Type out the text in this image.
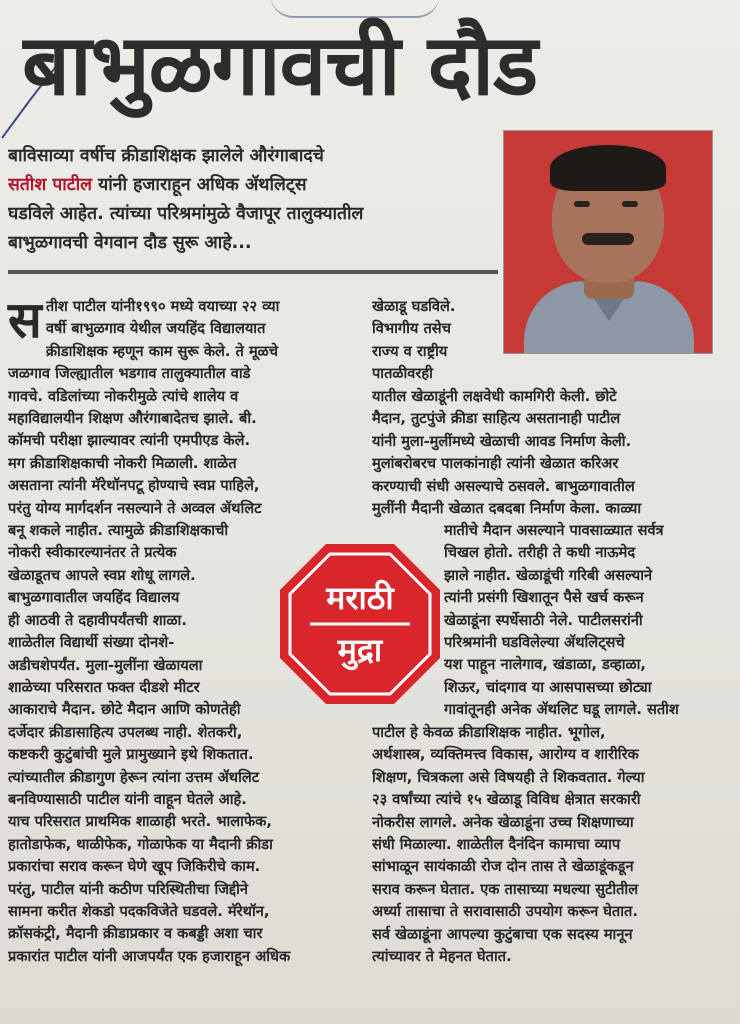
बाभुळगावची दौड
बाविसाव्या वर्षीच क्रीडाशिक्षक झालेले औरंगाबादचे
सतीश पाटील यांनी हजाराहून अधिक ॲथलिट्स
घडविले आहेत. त्यांच्या परिश्रमांमुळे वैजापूर तालुक्यातील
बाभुळगावची वेगवान दौड सुरू आहे...
स तीश पाटील यांनी१९९० मध्ये वयाच्या २२ व्या
वर्षी बाभुळगाव येथील जयहिंद विद्यालयात
क्रीडाशिक्षक म्हणून काम सुरू केले. ते मूळचे
जळगाव जिल्ह्यातील भडगाव तालुक्यातील वाडे
गावचे. वडिलांच्या नोकरीमुळे त्यांचे शालेय व
महाविद्यालयीन शिक्षण औरंगाबादेतच झाले. बी.
कॉमची परीक्षा झाल्यावर त्यांनी एमपीएड केले.
मग क्रीडाशिक्षकाची नोकरी मिळाली. शाळेत
असताना त्यांनी मॅरेथॉनपटू होण्याचे स्वप्न पाहिले,
परंतु योग्य मार्गदर्शन नसल्याने ते अव्वल ॲथलिट
बनू शकले नाहीत. त्यामुळे क्रीडाशिक्षकाची
नोकरी स्वीकारल्यानंतर ते प्रत्येक
खेळाडूतच आपले स्वप्न शोधू लागले.
बाभुळगावातील जयहिंद विद्यालय
ही आठवी ते दहावीपर्यंतची शाळा.
शाळेतील विद्यार्थी संख्या दोनशे-
अडीचशेपर्यंत. मुला-मुलींना खेळायला
शाळेच्या परिसरात फक्त दीडशे मीटर
आकाराचे मैदान. छोटे मैदान आणि कोणतेही
दर्जेदार क्रीडासाहित्य उपलब्ध नाही. शेतकरी,
कष्टकरी कुटुंबांची मुले प्रामुख्याने इथे शिकतात.
त्यांच्यातील क्रीडागुण हेरून त्यांना उत्तम ॲथलिट
बनविण्यासाठी पाटील यांनी वाहून घेतले आहे.
याच परिसरात प्राथमिक शाळाही भरते. भालाफेक,
हातोडाफेक, थाळीफेक, गोळाफेक या मैदानी क्रीडा
प्रकारांचा सराव करून घेणे खूप जिकिरीचे काम.
परंतु, पाटील यांनी कठीण परिस्थितीचा जिद्दीने
सामना करीत शेकडो पदकविजेते घडवले. मॅरेथॉन,
क्रॉसकंट्री, मैदानी क्रीडाप्रकार व कबड्डी अशा चार
प्रकारांत पाटील यांनी आजपर्यंत एक हजाराहून अधिक
खेळाडू घडविले.
विभागीय तसेच
राज्य व राष्ट्रीय
पातळीवरही
यातील खेळाडूंनी लक्षवेधी कामगिरी केली. छोटे
मैदान, तुटपुंजे क्रीडा साहित्य असतानाही पाटील
यांनी मुला-मुलींमध्ये खेळाची आवड निर्माण केली.
मुलांबरोबरच पालकांनाही त्यांनी खेळात करिअर
करण्याची संधी असल्याचे ठसवले. बाभुळगावातील
मुलींनी मैदानी खेळात दबदबा निर्माण केला. काळ्या
मातीचे मैदान असल्याने पावसाळ्यात सर्वत्र
चिखल होतो. तरीही ते कधी नाऊमेद
झाले नाहीत. खेळाडूंची गरिबी असल्याने
त्यांनी प्रसंगी खिशातून पैसे खर्च करून
खेळाडूंना स्पर्धेसाठी नेले. पाटीलसरांनी
परिश्रमांनी घडविलेल्या ॲथलिट्सचे
यश पाहून नालेगाव, खंडाळा, डव्हाळा,
शिऊर, चांदगाव या आसपासच्या छोट्या
गावांतूनही अनेक ॲथलिट घडू लागले. सतीश
पाटील हे केवळ क्रीडाशिक्षक नाहीत. भूगोल,
अर्थशास्त्र, व्यक्तिमत्त्व विकास, आरोग्य व शारीरिक
शिक्षण, चित्रकला असे विषयही ते शिकवतात. गेल्या
२३ वर्षांच्या त्यांचे १५ खेळाडू विविध क्षेत्रात सरकारी
नोकरीस लागले. अनेक खेळाडूंना उच्च शिक्षणाच्या
संधी मिळाल्या. शाळेतील दैनंदिन कामाचा व्याप
सांभाळून सायंकाळी रोज दोन तास ते खेळाडूंकडून
सराव करून घेतात. एक तासाच्या मधल्या सुटीतील
अर्ध्या तासाचा ते सरावासाठी उपयोग करून घेतात.
सर्व खेळाडूंना आपल्या कुटुंबाचा एक सदस्य मानून
त्यांच्यावर ते मेहनत घेतात.
मराठी
मुद्रा
